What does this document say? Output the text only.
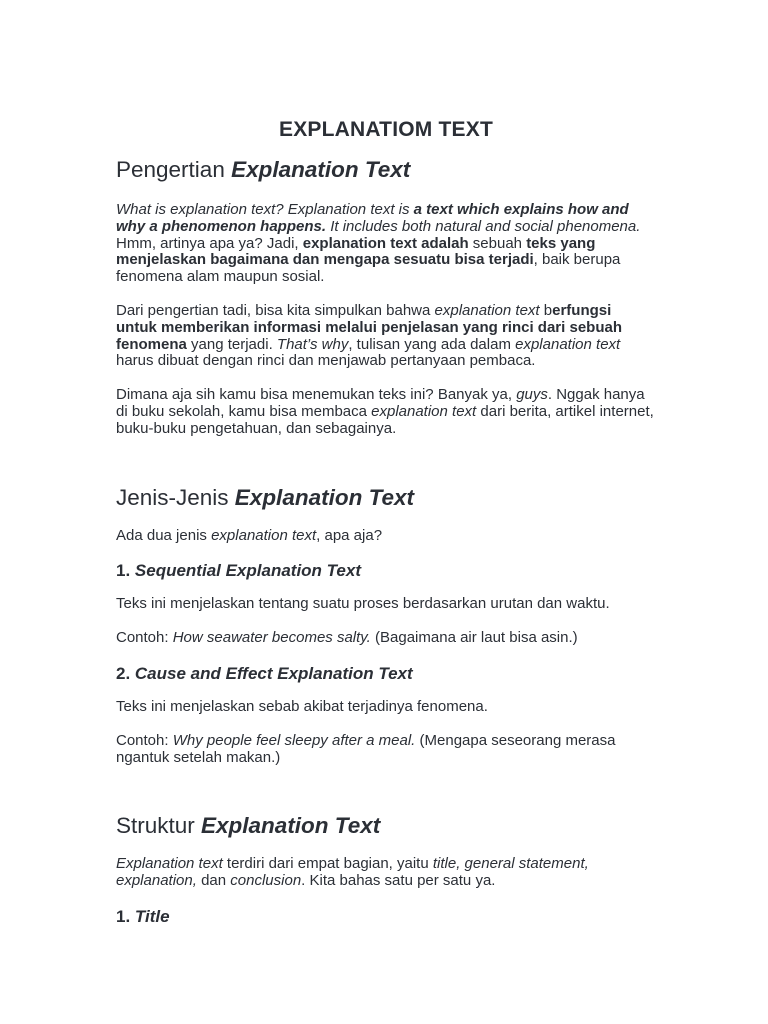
EXPLANATIOM TEXT
Pengertian Explanation Text

What is explanation text? Explanation text is a text which explains how and why a phenomenon happens. It includes both natural and social phenomena. Hmm, artinya apa ya? Jadi, explanation text adalah sebuah teks yang menjelaskan bagaimana dan mengapa sesuatu bisa terjadi, baik berupa fenomena alam maupun sosial.

Dari pengertian tadi, bisa kita simpulkan bahwa explanation text berfungsi untuk memberikan informasi melalui penjelasan yang rinci dari sebuah fenomena yang terjadi. That’s why, tulisan yang ada dalam explanation text harus dibuat dengan rinci dan menjawab pertanyaan pembaca.

Dimana aja sih kamu bisa menemukan teks ini? Banyak ya, guys. Nggak hanya di buku sekolah, kamu bisa membaca explanation text dari berita, artikel internet, buku-buku pengetahuan, dan sebagainya.

Jenis-Jenis Explanation Text

Ada dua jenis explanation text, apa aja?

1. Sequential Explanation Text

Teks ini menjelaskan tentang suatu proses berdasarkan urutan dan waktu.

Contoh: How seawater becomes salty. (Bagaimana air laut bisa asin.)

2. Cause and Effect Explanation Text

Teks ini menjelaskan sebab akibat terjadinya fenomena.

Contoh: Why people feel sleepy after a meal. (Mengapa seseorang merasa ngantuk setelah makan.)

Struktur Explanation Text

Explanation text terdiri dari empat bagian, yaitu title, general statement, explanation, dan conclusion. Kita bahas satu per satu ya.

1. Title
